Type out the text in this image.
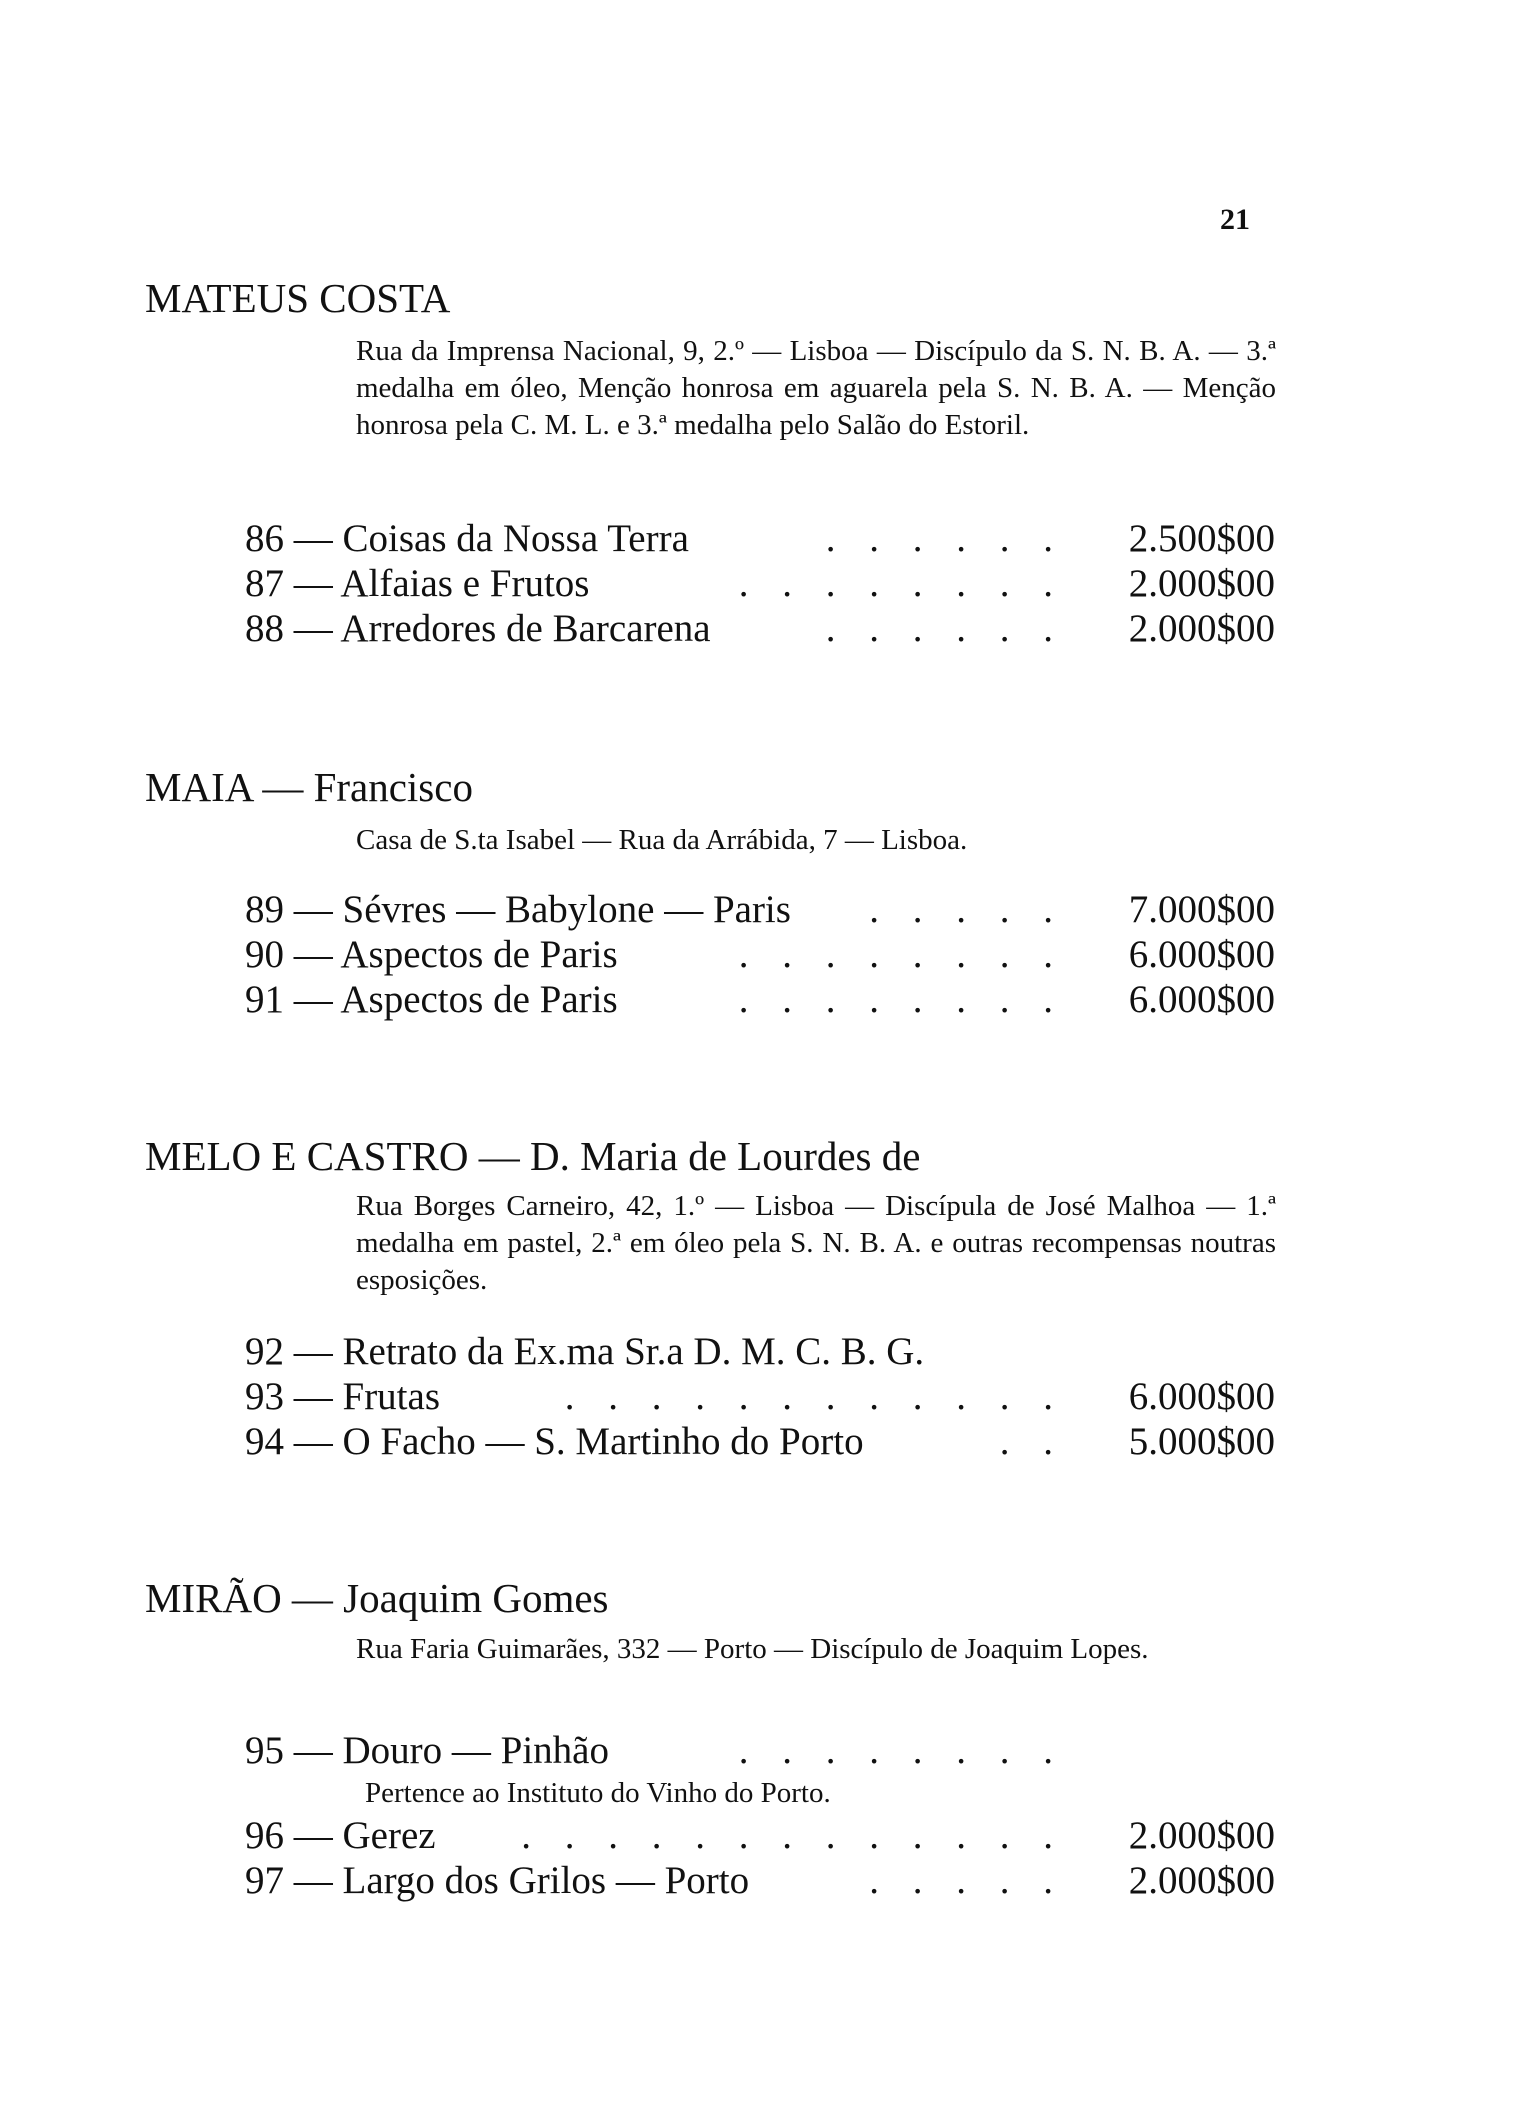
21
MATEUS COSTA

Rua da Imprensa Nacional, 9, 2.º — Lisboa — Discípulo da S. N. B. A. — 3.ª medalha em óleo, Menção honrosa em aguarela pela S. N. B. A. — Menção honrosa pela C. M. L. e 3.ª medalha pelo Salão do Estoril.

86 — Coisas da Nossa Terra	. . . . . . 2.500$00
87 — Alfaias e Frutos	. . . . . . . . 2.000$00
88 — Arredores de Barcarena	. . . . . . 2.000$00
MAIA — Francisco

Casa de S.ta Isabel — Rua da Arrábida, 7 — Lisboa.

89 — Sévres — Babylone — Paris . . . . . 7.000$00
90 — Aspectos de Paris	. . . . . . . . 6.000$00
91 — Aspectos de Paris	. . . . . . . . 6.000$00
MELO E CASTRO — D. Maria de Lourdes de

Rua Borges Carneiro, 42, 1.º — Lisboa — Discípula de José Malhoa — 1.ª medalha em pastel, 2.ª em óleo pela S. N. B. A. e outras recompensas noutras esposições.

92 — Retrato da Ex.ma Sr.a D. M. C. B. G.
93 — Frutas	. . . . . . . . . . . . 6.000$00
94 — O Facho — S. Martinho do Porto	. . 5.000$00
MIRÃO — Joaquim Gomes

Rua Faria Guimarães, 332 — Porto — Discípulo de Joaquim Lopes.

95 — Douro — Pinhão	. . . . . . . .
Pertence ao Instituto do Vinho do Porto.
96 — Gerez . . . . . . . . . . . . . 2.000$00
97 — Largo dos Grilos — Porto	. . . . . 2.000$00
